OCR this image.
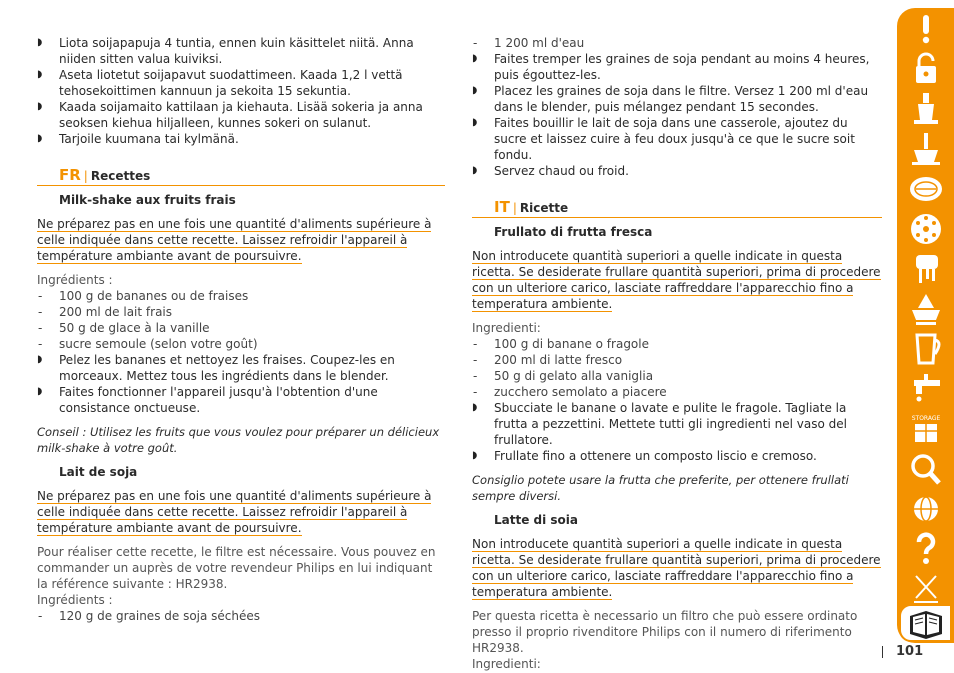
◗ Liota soijapapuja 4 tuntia, ennen kuin käsittelet niitä. Anna niiden sitten valua kuiviksi.

◗ Aseta liotetut soijapavut suodattimeen. Kaada 1,2 l vettä tehosekoittimen kannuun ja sekoita 15 sekuntia.

◗ Kaada soijamaito kattilaan ja kiehauta. Lisää sokeria ja anna seoksen kiehua hiljalleen, kunnes sokeri on sulanut.

◗ Tarjoile kuumana tai kylmänä.

FR | Recettes
Milk-shake aux fruits frais

Ne préparez pas en une fois une quantité d'aliments supérieure à celle indiquée dans cette recette. Laissez refroidir l'appareil à température ambiante avant de poursuivre.

Ingrédients :

- 100 g de bananes ou de fraises

- 200 ml de lait frais

- 50 g de glace à la vanille

- sucre semoule (selon votre goût)

◗ Pelez les bananes et nettoyez les fraises. Coupez-les en morceaux. Mettez tous les ingrédients dans le blender.

◗ Faites fonctionner l'appareil jusqu'à l'obtention d'une consistance onctueuse.

Conseil : Utilisez les fruits que vous voulez pour préparer un délicieux milk-shake à votre goût.

Lait de soja

Ne préparez pas en une fois une quantité d'aliments supérieure à celle indiquée dans cette recette. Laissez refroidir l'appareil à température ambiante avant de poursuivre.

Pour réaliser cette recette, le filtre est nécessaire. Vous pouvez en commander un auprès de votre revendeur Philips en lui indiquant la référence suivante : HR2938.

Ingrédients :

- 120 g de graines de soja séchées

- 1 200 ml d'eau

◗ Faites tremper les graines de soja pendant au moins 4 heures, puis égouttez-les.

◗ Placez les graines de soja dans le filtre. Versez 1 200 ml d'eau dans le blender, puis mélangez pendant 15 secondes.

◗ Faites bouillir le lait de soja dans une casserole, ajoutez du sucre et laissez cuire à feu doux jusqu'à ce que le sucre soit fondu.

◗ Servez chaud ou froid.

IT | Ricette
Frullato di frutta fresca

Non introducete quantità superiori a quelle indicate in questa ricetta. Se desiderate frullare quantità superiori, prima di procedere con un ulteriore carico, lasciate raffreddare l'apparecchio fino a temperatura ambiente.

Ingredienti:

- 100 g di banane o fragole

- 200 ml di latte fresco

- 50 g di gelato alla vaniglia

- zucchero semolato a piacere

◗ Sbucciate le banane o lavate e pulite le fragole. Tagliate la frutta a pezzettini. Mettete tutti gli ingredienti nel vaso del frullatore.

◗ Frullate fino a ottenere un composto liscio e cremoso.

Consiglio potete usare la frutta che preferite, per ottenere frullati sempre diversi.

Latte di soia

Non introducete quantità superiori a quelle indicate in questa ricetta. Se desiderate frullare quantità superiori, prima di procedere con un ulteriore carico, lasciate raffreddare l'apparecchio fino a temperatura ambiente.

Per questa ricetta è necessario un filtro che può essere ordinato presso il proprio rivenditore Philips con il numero di riferimento HR2938.

Ingredienti:

STORAGE
101
